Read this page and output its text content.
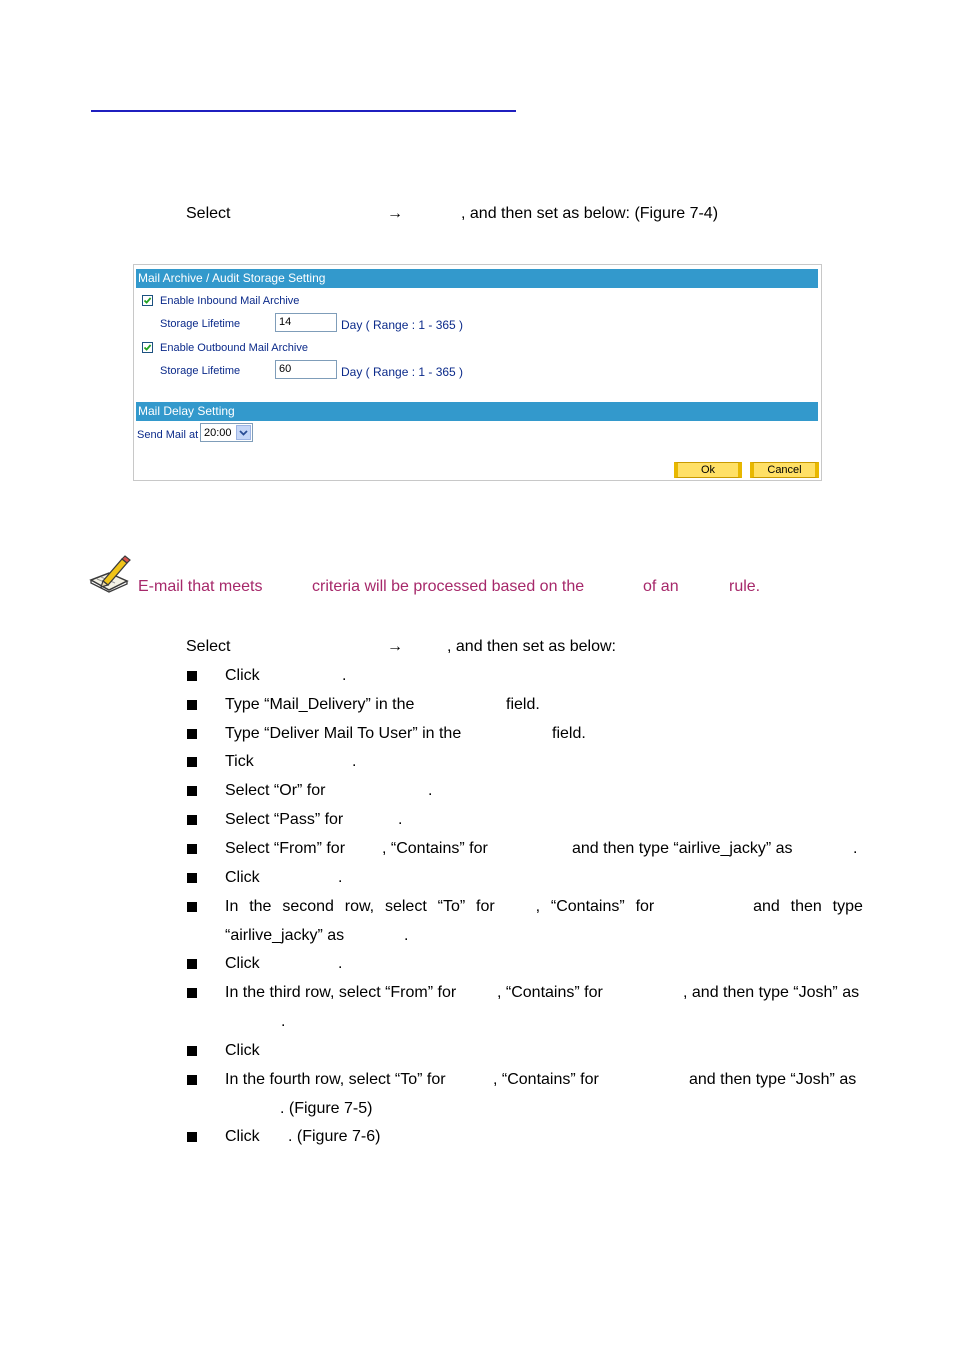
Select	→	, and then set as below: (Figure 7-4)
Mail Archive / Audit Storage Setting
Enable Inbound Mail Archive
Storage Lifetime	14	Day ( Range : 1 - 365 )
Enable Outbound Mail Archive
Storage Lifetime	60	Day ( Range : 1 - 365 )
Mail Delay Setting
Send Mail at 20:00
Ok	Cancel
E-mail that meets	criteria will be processed based on the	of an	rule.
Select	→	, and then set as below:
Click	.
Type “Mail_Delivery” in the	field.
Type “Deliver Mail To User” in the	field.
Tick	.
Select “Or” for	.
Select “Pass” for	.
Select “From” for , “Contains” for	and then type “airlive_jacky” as	.
Click	.
In the second row, select “To” for	, “Contains” for	and then type
“airlive_jacky” as	.
Click	.
In the third row, select “From” for	, “Contains” for	, and then type “Josh” as
.
Click
In the fourth row, select “To” for	, “Contains” for	and then type “Josh” as
. (Figure 7-5)
Click . (Figure 7-6)
